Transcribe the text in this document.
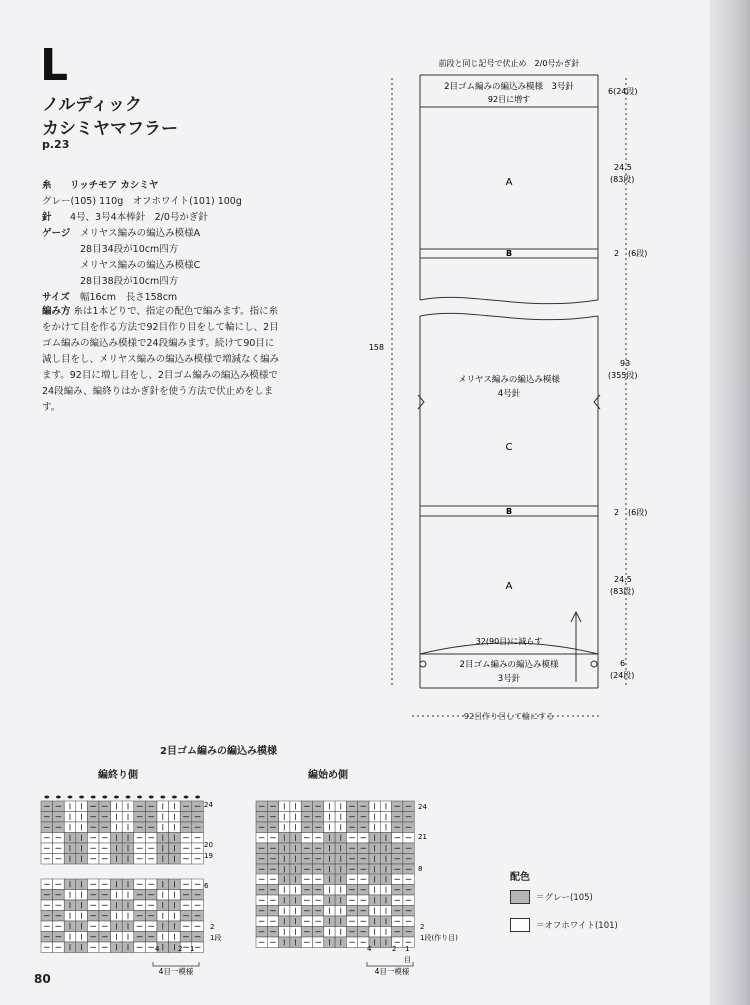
L
ノルディック
カシミヤマフラー
p.23
糸 リッチモア カシミヤ
グレー(105) 110g　オフホワイト(101) 100g
針 4号、3号4本棒針　2/0号かぎ針
ゲージ メリヤス編みの編込み模様A
28目34段が10cm四方
メリヤス編みの編込み模様C
28目38段が10cm四方
サイズ 幅16cm　長さ158cm
編み方 糸は1本どりで、指定の配色で編みます。指に糸をかけて目を作る方法で92目作り目をして輪にし、2目ゴム編みの編込み模様で24段編みます。続けて90目に減し目をし、メリヤス編みの編込み模様で増減なく編みます。92目に増し目をし、2目ゴム編みの編込み模様で24段編み、編終りはかぎ針を使う方法で伏止めをします。
前段と同じ記号で伏止め　2/0号かぎ針
2目ゴム編みの編込み模様　3号針
92目に増す
A
B
メリヤス編みの編込み模様
4号針
C
B
A
32(90目)に減らす
2目ゴム編みの編込み模様
3号針
92目作り目して輪にする
158
6(24段)
24.5
(83段)
2 (6段)
93
(355段)
2 (6段)
24.5
(83段)
6
(24段)
2目ゴム編みの編込み模様
編終り側	編始め側
24
20
19
6
2
1段
24
21
8
2
1段(作り目)
4	2 1	4	2 1
目
4目一模様	4目一模様
配色
＝グレー(105)
＝オフホワイト(101)
80
